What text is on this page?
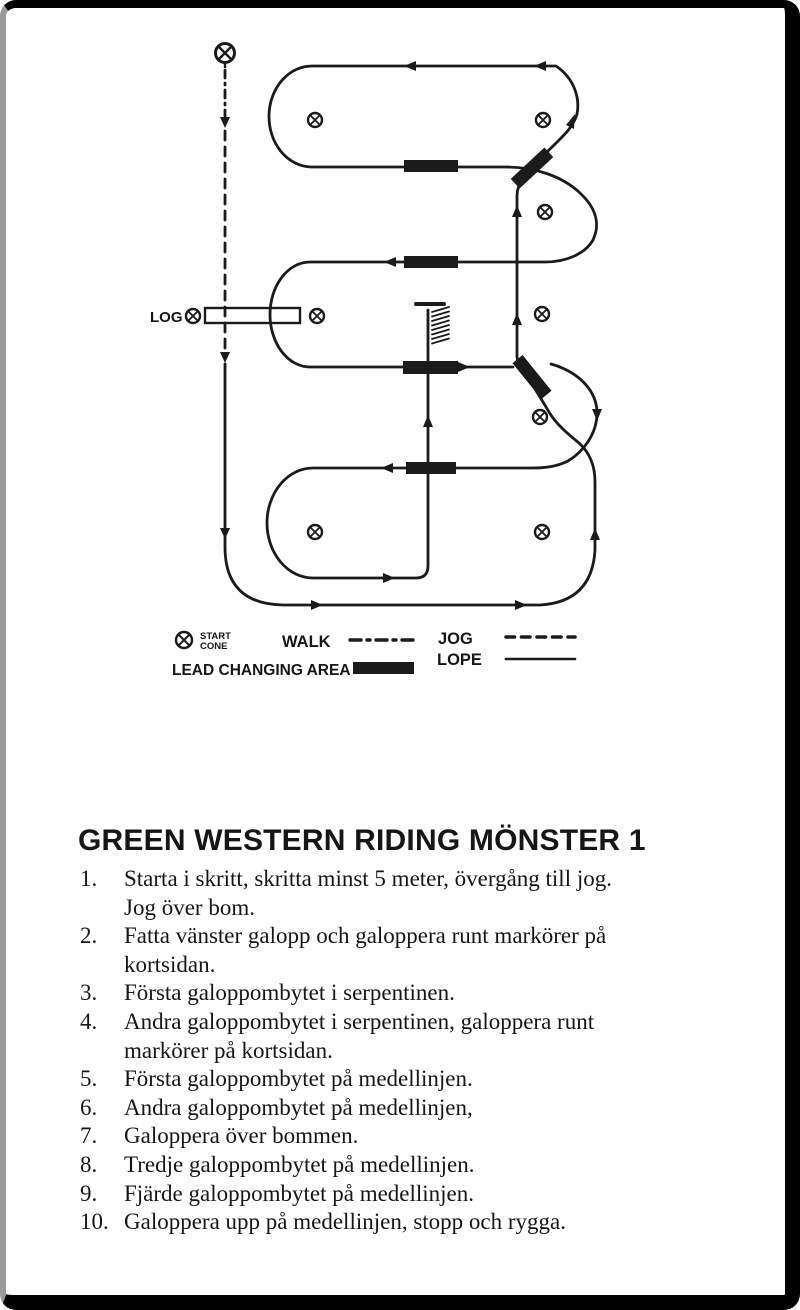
LOG
START
CONE	WALK	JOG
LOPE
LEAD CHANGING AREA
GREEN WESTERN RIDING MÖNSTER 1
1. Starta i skritt, skritta minst 5 meter, övergång till jog.
Jog över bom.
2. Fatta vänster galopp och galoppera runt markörer på
kortsidan.
3. Första galoppombytet i serpentinen.
4. Andra galoppombytet i serpentinen, galoppera runt
markörer på kortsidan.
5. Första galoppombytet på medellinjen.
6. Andra galoppombytet på medellinjen,
7. Galoppera över bommen.
8. Tredje galoppombytet på medellinjen.
9. Fjärde galoppombytet på medellinjen.
10. Galoppera upp på medellinjen, stopp och rygga.
